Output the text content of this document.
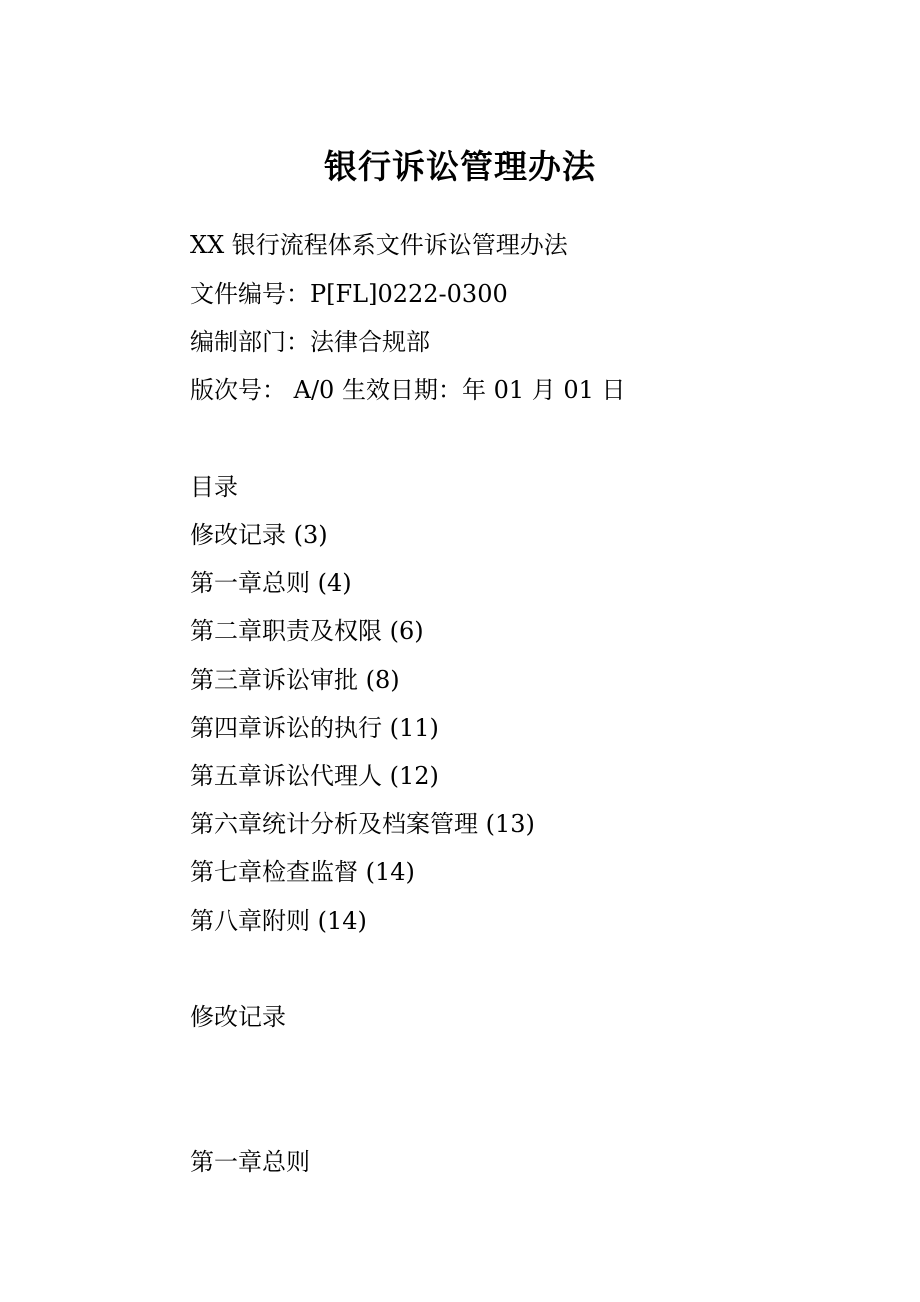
银行诉讼管理办法
XX 银行流程体系文件诉讼管理办法
文件编号：P[FL]0222-0300
编制部门：法律合规部
版次号： A/0 生效日期：年 01 月 01 日
目录
修改记录 (3)
第一章总则 (4)
第二章职责及权限 (6)
第三章诉讼审批 (8)
第四章诉讼的执行 (11)
第五章诉讼代理人 (12)
第六章统计分析及档案管理 (13)
第七章检查监督 (14)
第八章附则 (14)
修改记录
第一章总则
